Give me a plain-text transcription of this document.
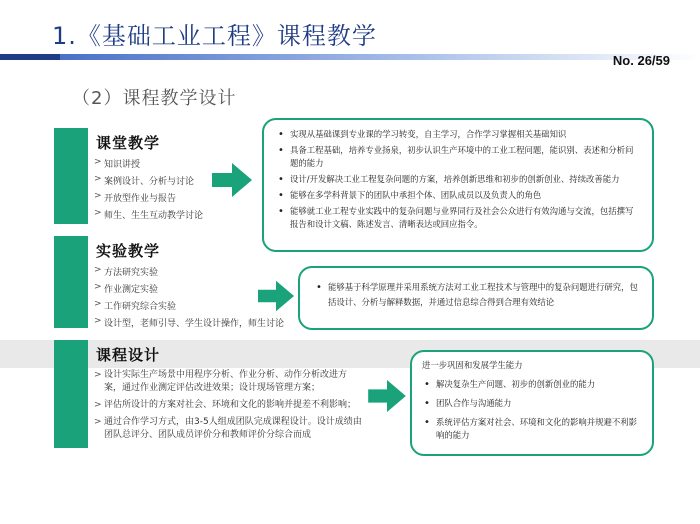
1.《基础工业工程》课程教学
No. 26/59
（2）课程教学设计
课堂教学
> 知识讲授
> 案例设计、分析与讨论
> 开放型作业与报告
> 师生、生生互动教学讨论
• 实现从基础课到专业课的学习转变，自主学习，合作学习掌握相关基础知识
• 具备工程基础，培养专业扬泉，初步认识生产环境中的工业工程问题，能识别、表述和分析问题的能力
• 设计/开发解决工业工程复杂问题的方案，培养创新思维和初步的创新创业、持续改善能力
• 能够在多学科背景下的团队中承担个体、团队成员以及负责人的角色
• 能够就工业工程专业实践中的复杂问题与业界同行及社会公众进行有效沟通与交流，包括撰写报告和设计文稿、陈述发言、清晰表达或回应指令。
实验教学
> 方法研究实验
> 作业测定实验
> 工作研究综合实验
> 设计型，老师引导、学生设计操作，师生讨论
• 能够基于科学原理并采用系统方法对工业工程技术与管理中的复杂问题进行研究，包括设计、分析与解释数据，并通过信息综合得到合理有效结论
课程设计
> 设计实际生产场景中用程序分析、作业分析、动作分析改进方案，通过作业测定评估改进效果；设计现场管理方案；
> 评估所设计的方案对社会、环境和文化的影响并提差不利影响；
> 通过合作学习方式，由3-5人组成团队完成课程设计。设计成绩由团队总评分、团队成员评价分和教师评价分综合而成
进一步巩固和发展学生能力
• 解决复杂生产问题、初步的创新创业的能力
• 团队合作与沟通能力
• 系统评估方案对社会、环境和文化的影响并规避不利影响的能力
